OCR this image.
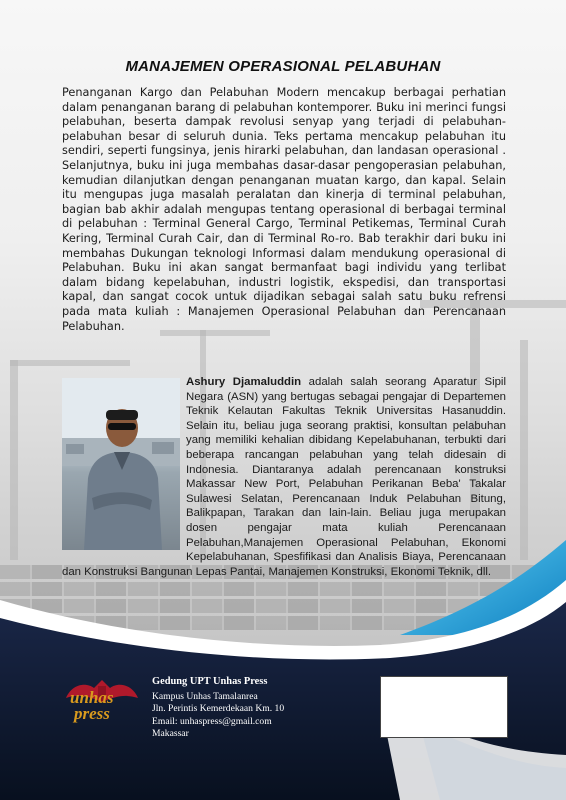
MANAJEMEN OPERASIONAL PELABUHAN
Penanganan Kargo dan Pelabuhan Modern mencakup berbagai perhatian dalam penanganan barang di pelabuhan kontemporer. Buku ini merinci fungsi pelabuhan, beserta dampak revolusi senyap yang terjadi di pelabuhan-pelabuhan besar di seluruh dunia. Teks pertama mencakup pelabuhan itu sendiri, seperti fungsinya, jenis hirarki pelabuhan, dan landasan operasional . Selanjutnya, buku ini juga membahas dasar-dasar pengoperasian pelabuhan, kemudian dilanjutkan dengan penanganan muatan kargo, dan kapal. Selain itu mengupas juga masalah peralatan dan kinerja di terminal pelabuhan, bagian bab akhir adalah mengupas tentang operasional di berbagai terminal di pelabuhan : Terminal General Cargo, Terminal Petikemas, Terminal Curah Kering, Terminal Curah Cair, dan di Terminal Ro-ro. Bab terakhir dari buku ini membahas Dukungan teknologi Informasi dalam mendukung operasional di Pelabuhan. Buku ini akan sangat bermanfaat bagi individu yang terlibat dalam bidang kepelabuhan, industri logistik, ekspedisi, dan transportasi kapal, dan sangat cocok untuk dijadikan sebagai salah satu buku refrensi pada mata kuliah : Manajemen Operasional Pelabuhan dan Perencanaan Pelabuhan.
Ashury Djamaluddin adalah salah seorang Aparatur Sipil Negara (ASN) yang bertugas sebagai pengajar di Departemen Teknik Kelautan Fakultas Teknik Universitas Hasanuddin. Selain itu, beliau juga seorang praktisi, konsultan pelabuhan yang memiliki kehalian dibidang Kepelabuhanan, terbukti dari beberapa rancangan pelabuhan yang telah didesain di Indonesia. Diantaranya adalah perencanaan konstruksi Makassar New Port, Pelabuhan Perikanan Beba' Takalar Sulawesi Selatan, Perencanaan Induk Pelabuhan Bitung, Balikpapan, Tarakan dan lain-lain. Beliau juga merupakan dosen pengajar mata kuliah Perencanaan Pelabuhan,Manajemen Operasional Pelabuhan, Ekonomi Kepelabuhanan, Spesfifikasi dan Analisis Biaya, Perencanaan dan Konstruksi Bangunan Lepas Pantai, Manajemen Konstruksi, Ekonomi Teknik, dll.
unhas
press
Gedung UPT Unhas Press
Kampus Unhas Tamalanrea
Jln. Perintis Kemerdekaan Km. 10
Email: unhaspress@gmail.com
Makassar
